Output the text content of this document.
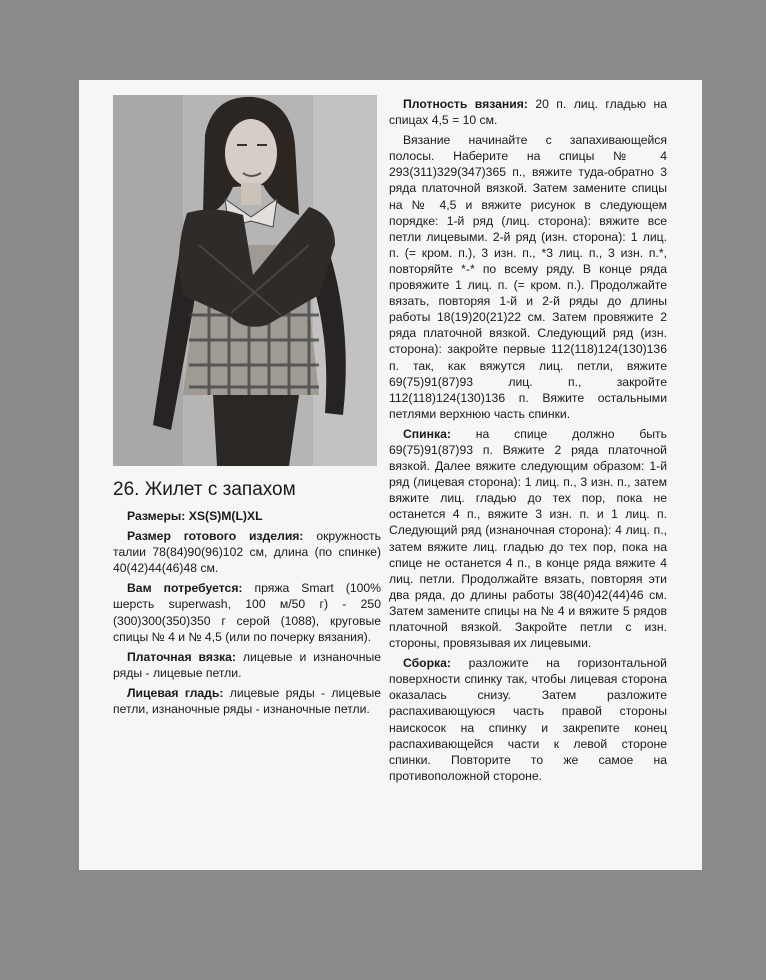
26. Жилет с запахом

Размеры: XS(S)M(L)XL

Размер готового изделия: окружность талии 78(84)90(96)102 см, длина (по спинке) 40(42)44(46)48 см.

Вам потребуется: пряжа Smart (100% шерсть superwash, 100 м/50 г) - 250 (300)300(350)350 г серой (1088), круговые спицы № 4 и № 4,5 (или по почерку вязания).

Платочная вязка: лицевые и изнаночные ряды - лицевые петли.

Лицевая гладь: лицевые ряды - лицевые петли, изнаночные ряды - изнаночные петли.

Плотность вязания: 20 п. лиц. гладью на спицах 4,5 = 10 см.

Вязание начинайте с запахивающейся полосы. Наберите на спицы № 4 293(311)329(347)365 п., вяжите туда-обратно 3 ряда платочной вязкой. Затем замените спицы на № 4,5 и вяжите рисунок в следующем порядке: 1-й ряд (лиц. сторона): вяжите все петли лицевыми. 2-й ряд (изн. сторона): 1 лиц. п. (= кром. п.), 3 изн. п., *3 лиц. п., 3 изн. п.*, повторяйте *-* по всему ряду. В конце ряда провяжите 1 лиц. п. (= кром. п.). Продолжайте вязать, повторяя 1-й и 2-й ряды до длины работы 18(19)20(21)22 см. Затем провяжите 2 ряда платочной вязкой. Следующий ряд (изн. сторона): закройте первые 112(118)124(130)136 п. так, как вяжутся лиц. петли, вяжите 69(75)91(87)93 лиц. п., закройте 112(118)124(130)136 п. Вяжите остальными петлями верхнюю часть спинки.

Спинка: на спице должно быть 69(75)91(87)93 п. Вяжите 2 ряда платочной вязкой. Далее вяжите следующим образом: 1-й ряд (лицевая сторона): 1 лиц. п., 3 изн. п., затем вяжите лиц. гладью до тех пор, пока не останется 4 п., вяжите 3 изн. п. и 1 лиц. п. Следующий ряд (изнаночная сторона): 4 лиц. п., затем вяжите лиц. гладью до тех пор, пока на спице не останется 4 п., в конце ряда вяжите 4 лиц. петли. Продолжайте вязать, повторяя эти два ряда, до длины работы 38(40)42(44)46 см. Затем замените спицы на № 4 и вяжите 5 рядов платочной вязкой. Закройте петли с изн. стороны, провязывая их лицевыми.

Сборка: разложите на горизонтальной поверхности спинку так, чтобы лицевая сторона оказалась снизу. Затем разложите распахивающуюся часть правой стороны наискосок на спинку и закрепите конец распахивающейся части к левой стороне спинки. Повторите то же самое на противоположной стороне.
